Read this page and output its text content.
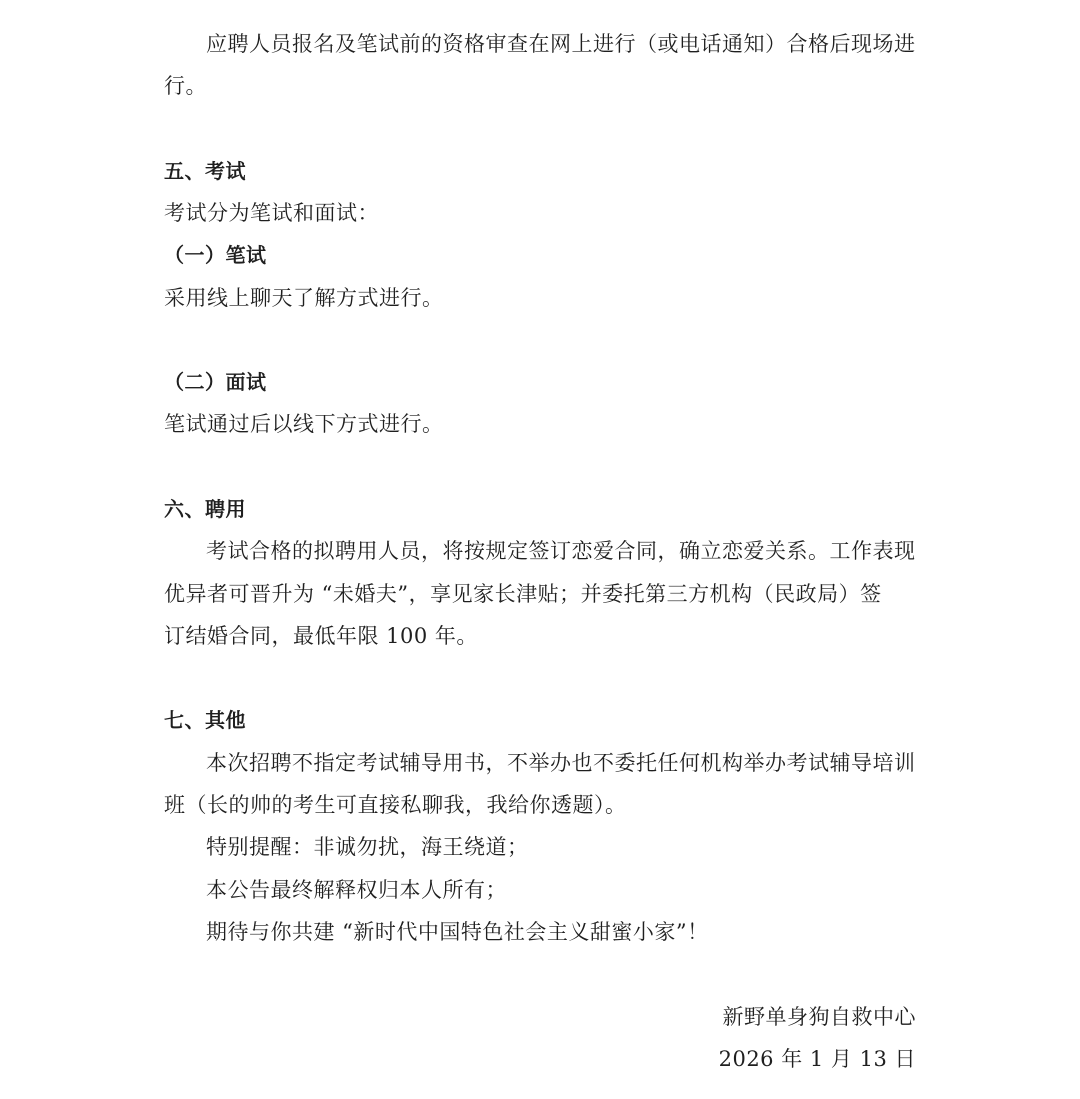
应聘人员报名及笔试前的资格审查在网上进行（或电话通知）合格后现场进
行。
五、考试
考试分为笔试和面试：
（一）笔试
采用线上聊天了解方式进行。
（二）面试
笔试通过后以线下方式进行。
六、聘用
考试合格的拟聘用人员，将按规定签订恋爱合同，确立恋爱关系。工作表现
优异者可晋升为 “未婚夫”，享见家长津贴；并委托第三方机构（民政局）签
订结婚合同，最低年限 100 年。
七、其他
本次招聘不指定考试辅导用书，不举办也不委托任何机构举办考试辅导培训
班（长的帅的考生可直接私聊我，我给你透题）。
特别提醒：非诚勿扰，海王绕道；
本公告最终解释权归本人所有；
期待与你共建 “新时代中国特色社会主义甜蜜小家”！
新野单身狗自救中心
2026 年 1 月 13 日
